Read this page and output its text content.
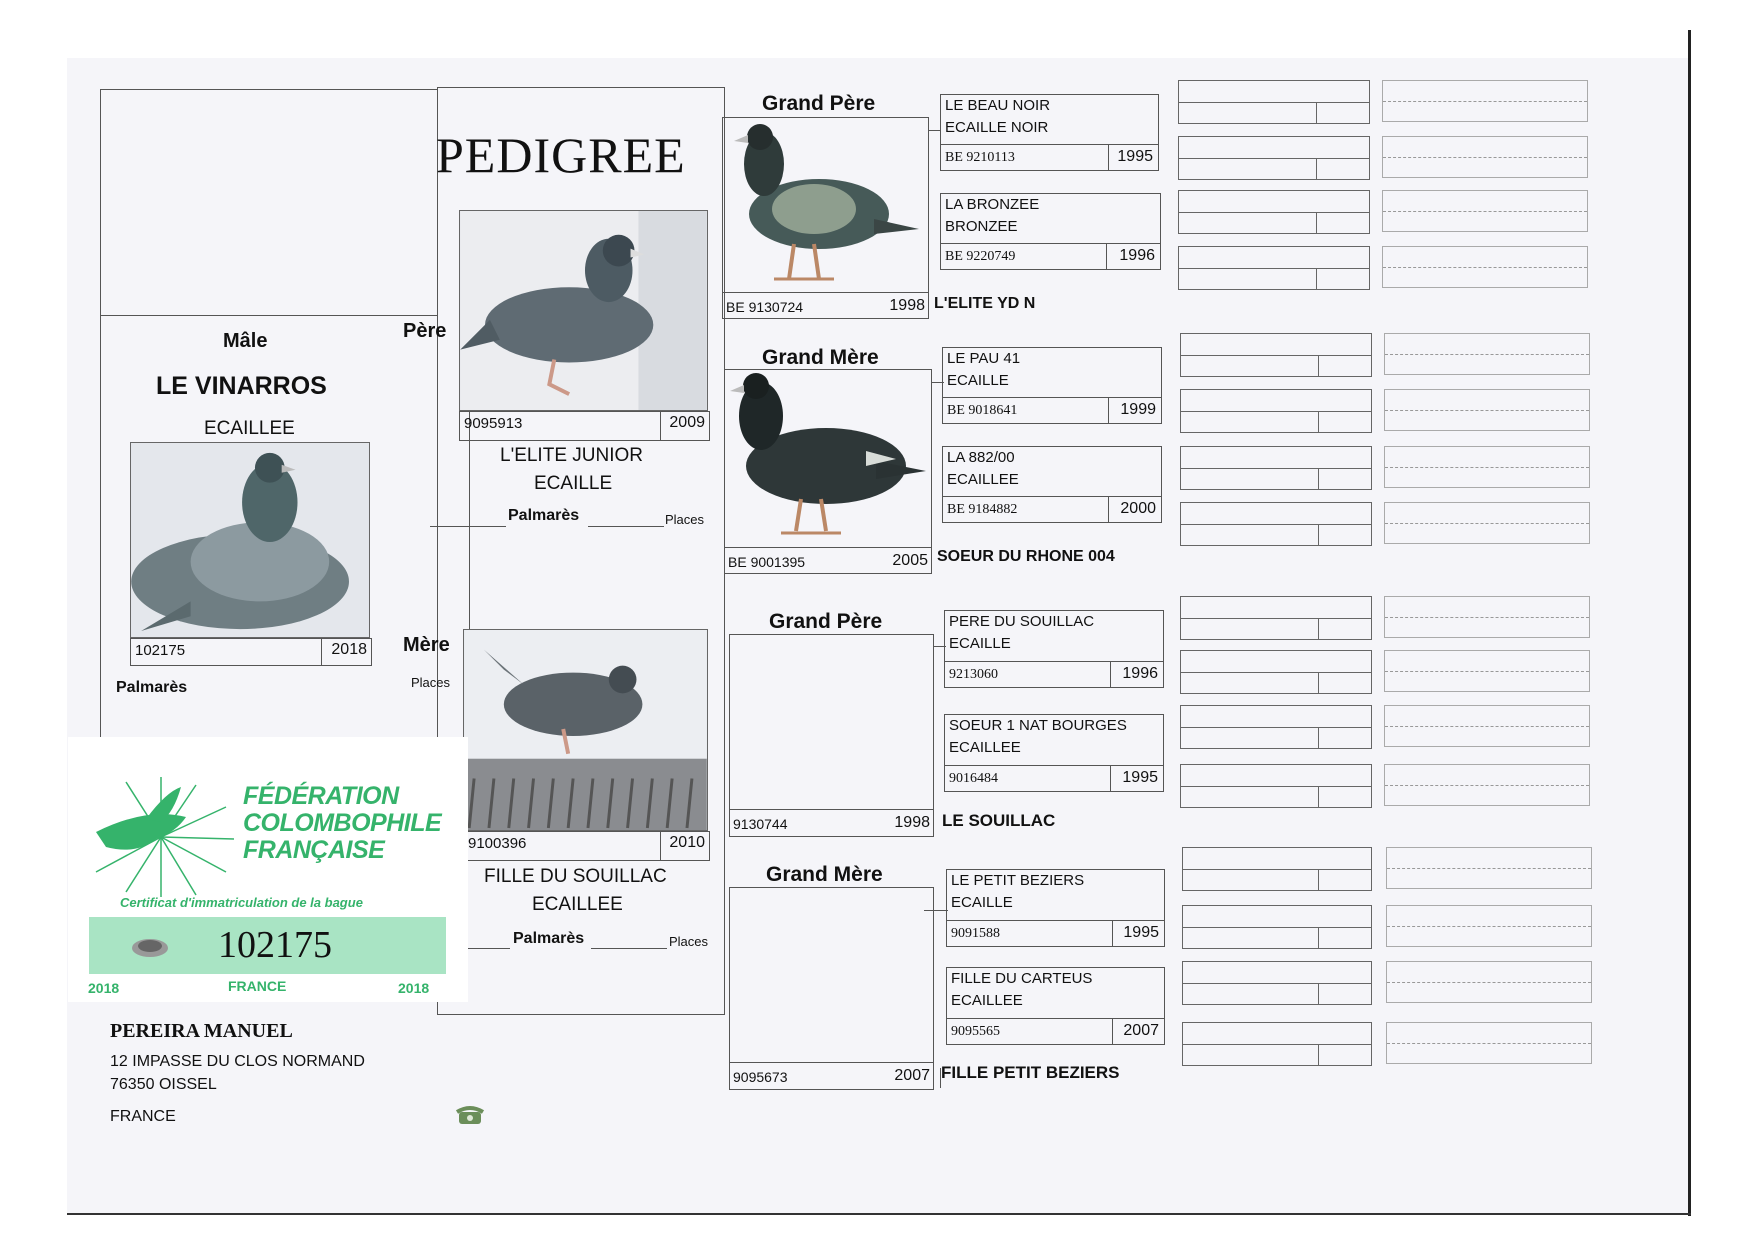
PEDIGREE
Mâle
LE VINARROS
ECAILLEE
102175	2018
Palmarès
Père
9095913	2009
L'ELITE JUNIOR
ECAILLE
Palmarès	Places
Mère
Places
9100396	2010
FILLE DU SOUILLAC
ECAILLEE
Palmarès	Places
FÉDÉRATION
COLOMBOPHILE
FRANÇAISE
Certificat d'immatriculation de la bague
102175
2018	FRANCE	2018
PEREIRA MANUEL
12 IMPASSE DU CLOS NORMAND
76350 OISSEL
FRANCE
Grand Père
BE 9130724	1998 L'ELITE YD N
Grand Mère
BE 9001395	2005 SOEUR DU RHONE 004
Grand Père
9130744	1998 LE SOUILLAC
Grand Mère
9095673	2007 FILLE PETIT BEZIERS
LE BEAU NOIR
ECAILLE NOIR
BE 9210113	1995
LA BRONZEE
BRONZEE
BE 9220749	1996
LE PAU 41
ECAILLE
BE 9018641	1999
LA 882/00
ECAILLEE
BE 9184882	2000
PERE DU SOUILLAC
ECAILLE
9213060	1996
SOEUR 1 NAT BOURGES
ECAILLEE
9016484	1995
LE PETIT BEZIERS
ECAILLE
9091588	1995
FILLE DU CARTEUS
ECAILLEE
9095565	2007
